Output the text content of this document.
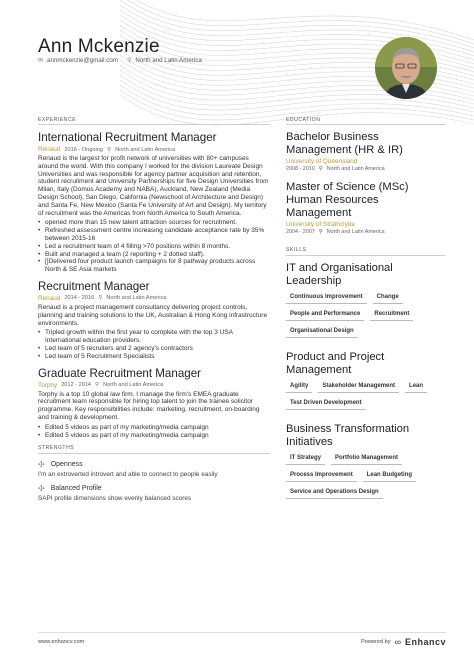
Ann Mckenzie
✉ annmckenzie@gmail.com ⚲ North and Latin America
EXPERIENCE
International Recruitment Manager
Renaud 2016 - Ongoing ⚲ North and Latin America
Renaud is the largest for profit network of universities with 80+ campuses around the world. With this company I worked for the division Laureate Design Universities and was responsible for agency partner acquisition and retention, student recruitment and University Partnerships for five Design Universities from Milan, Italy (Domus Academy and NABA), Auckland, New Zealand (Media Design School), San Diego, California (Newschool of Architecture and Design) and Santa Fe, New Mexico (Santa Fe University of Art and Design). My territory of recruitment was the Americas from North America to South America.
• opened more than 15 new talent attraction sources for recruitment.
• Refreshed assessment centre increasing candidate acceptance rate by 35% between 2015-16
• Led a recruitment team of 4 filling >70 positions within 8 months.
• Built and managed a team (2 reporting + 2 dotted staff).
• []Delivered four product launch campaigns for 8 pathway products across North & SE Asia markets
Recruitment Manager
Renaud 2014 - 2016 ⚲ North and Latin America
Renaud is a project management consultancy delivering project controls, planning and training solutions to the UK, Australian & Hong Kong infrastructure environments.
• Tripled growth within the first year to complete with the top 3 USA International education providers.
• Led team of 5 recruiters and 2 agency's contractors
• Led team of 5 Recruitment Specialists
Graduate Recruitment Manager
Torphy 2012 - 2014 ⚲ North and Latin America
Torphy is a top 10 global law firm. I manage the firm's EMEA graduate recruitment team responsible for hiring top talent to join the trainee solicitor programme. Key responsibilities include: marketing, recruitment, on-boarding and training & development.
• Edited 5 videos as part of my marketing/media campaign
• Edited 5 videos as part of my marketing/media campaign
STRENGTHS
✣ Openness
I'm an extroverted introvert and able to connect to people easily
✣ Balanced Profile
SAPI profile dimensions show evenly balanced scores
EDUCATION
Bachelor Business Management (HR & IR)
University of Queensland
2008 - 2010 ⚲ North and Latin America
Master of Science (MSc) Human Resources Management
University of Strathclyde
2004 - 2007 ⚲ North and Latin America
SKILLS
IT and Organisational Leadership
Continuous Improvement	Change
People and Performance	Recruitment
Organisational Design
Product and Project Management
Agility	Stakeholder Management	Lean
Test Driven Development
Business Transformation Initiatives
IT Strategy	Portfolio Management
Process Improvement	Lean Budgeting
Service and Operations Design
www.enhancv.com	Powered by ∞ Enhancv
